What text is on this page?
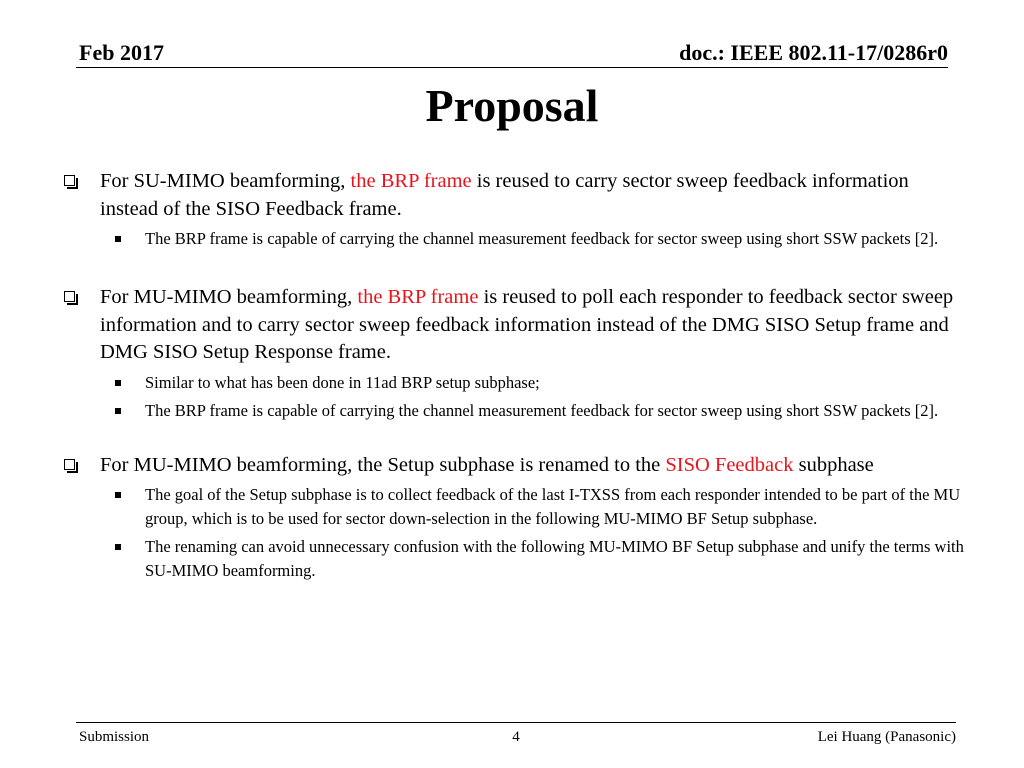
Feb 2017	doc.: IEEE 802.11-17/0286r0
Proposal
For SU-MIMO beamforming, the BRP frame is reused to carry sector sweep feedback information instead of the SISO Feedback frame.
The BRP frame is capable of carrying the channel measurement feedback for sector sweep using short SSW packets [2].
For MU-MIMO beamforming, the BRP frame is reused to poll each responder to feedback sector sweep information and to carry sector sweep feedback information instead of the DMG SISO Setup frame and DMG SISO Setup Response frame.
Similar to what has been done in 11ad BRP setup subphase;
The BRP frame is capable of carrying the channel measurement feedback for sector sweep using short SSW packets [2].
For MU-MIMO beamforming, the Setup subphase is renamed to the SISO Feedback subphase
The goal of the Setup subphase is to collect feedback of the last I-TXSS from each responder intended to be part of the MU group, which is to be used for sector down-selection in the following MU-MIMO BF Setup subphase.
The renaming can avoid unnecessary confusion with the following MU-MIMO BF Setup subphase and unify the terms with SU-MIMO beamforming.
Submission	4	Lei Huang (Panasonic)
